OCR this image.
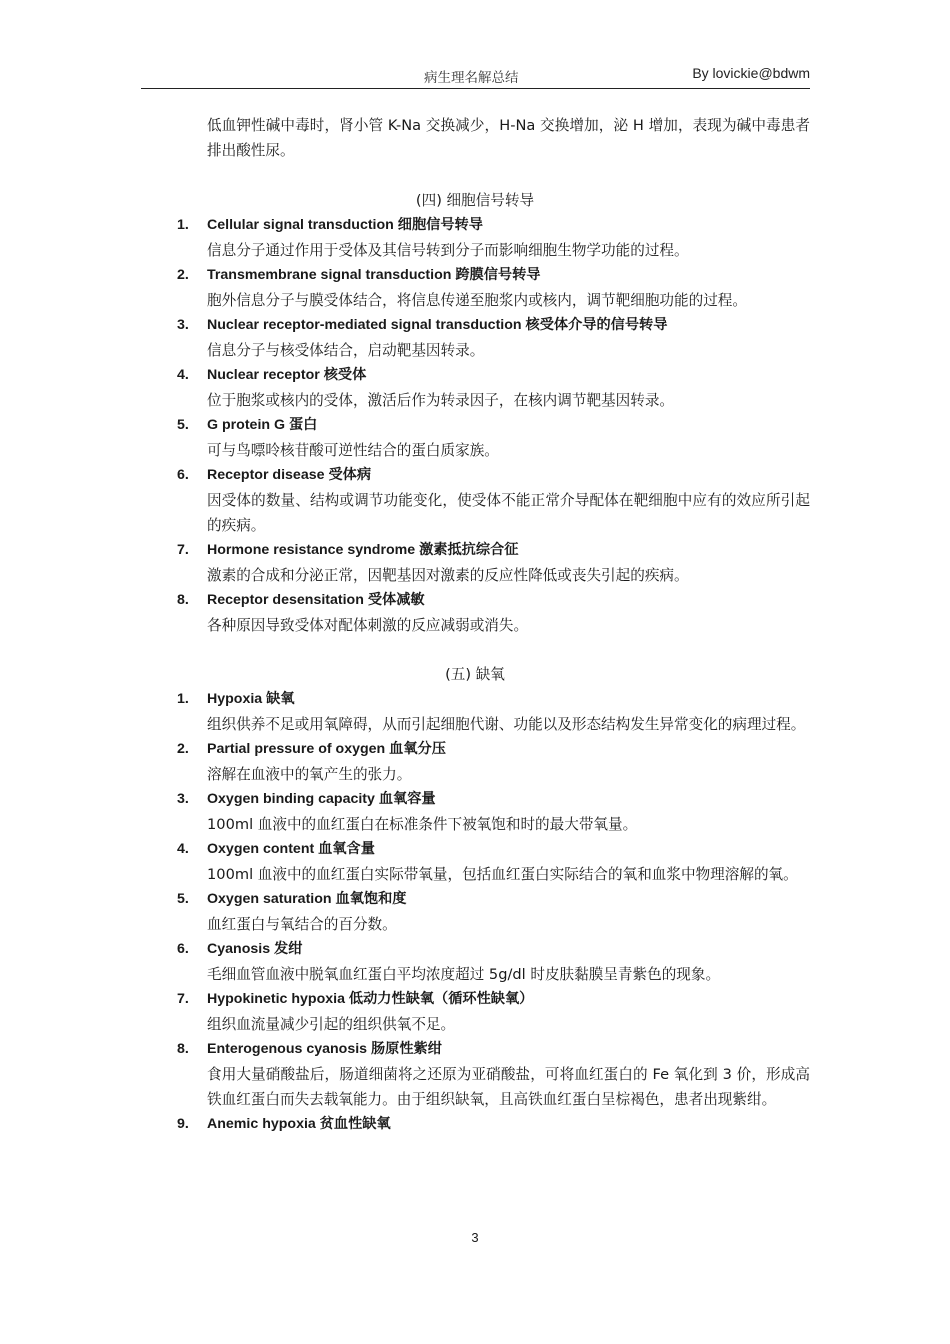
病生理名解总结	By lovickie@bdwm

低血钾性碱中毒时，肾小管 K-Na 交换减少，H-Na 交换增加，泌 H 增加，表现为碱中毒患者排出酸性尿。

(四) 细胞信号转导
1. Cellular signal transduction 细胞信号转导

信息分子通过作用于受体及其信号转到分子而影响细胞生物学功能的过程。

2. Transmembrane signal transduction 跨膜信号转导

胞外信息分子与膜受体结合，将信息传递至胞浆内或核内，调节靶细胞功能的过程。

3. Nuclear receptor-mediated signal transduction 核受体介导的信号转导

信息分子与核受体结合，启动靶基因转录。

4. Nuclear receptor 核受体

位于胞浆或核内的受体，激活后作为转录因子，在核内调节靶基因转录。

5. G protein G 蛋白

可与鸟嘌呤核苷酸可逆性结合的蛋白质家族。

6. Receptor disease 受体病

因受体的数量、结构或调节功能变化，使受体不能正常介导配体在靶细胞中应有的效应所引起的疾病。

7. Hormone resistance syndrome 激素抵抗综合征

激素的合成和分泌正常，因靶基因对激素的反应性降低或丧失引起的疾病。

8. Receptor desensitation 受体减敏

各种原因导致受体对配体刺激的反应减弱或消失。

(五) 缺氧
1. Hypoxia 缺氧

组织供养不足或用氧障碍，从而引起细胞代谢、功能以及形态结构发生异常变化的病理过程。

2. Partial pressure of oxygen 血氧分压

溶解在血液中的氧产生的张力。

3. Oxygen binding capacity 血氧容量

100ml 血液中的血红蛋白在标准条件下被氧饱和时的最大带氧量。

4. Oxygen content 血氧含量

100ml 血液中的血红蛋白实际带氧量，包括血红蛋白实际结合的氧和血浆中物理溶解的氧。

5. Oxygen saturation 血氧饱和度

血红蛋白与氧结合的百分数。

6. Cyanosis 发绀

毛细血管血液中脱氧血红蛋白平均浓度超过 5g/dl 时皮肤黏膜呈青紫色的现象。

7. Hypokinetic hypoxia 低动力性缺氧（循环性缺氧）

组织血流量减少引起的组织供氧不足。

8. Enterogenous cyanosis 肠原性紫绀

食用大量硝酸盐后，肠道细菌将之还原为亚硝酸盐，可将血红蛋白的 Fe 氧化到 3 价，形成高铁血红蛋白而失去载氧能力。由于组织缺氧，且高铁血红蛋白呈棕褐色，患者出现紫绀。

9. Anemic hypoxia 贫血性缺氧
3
